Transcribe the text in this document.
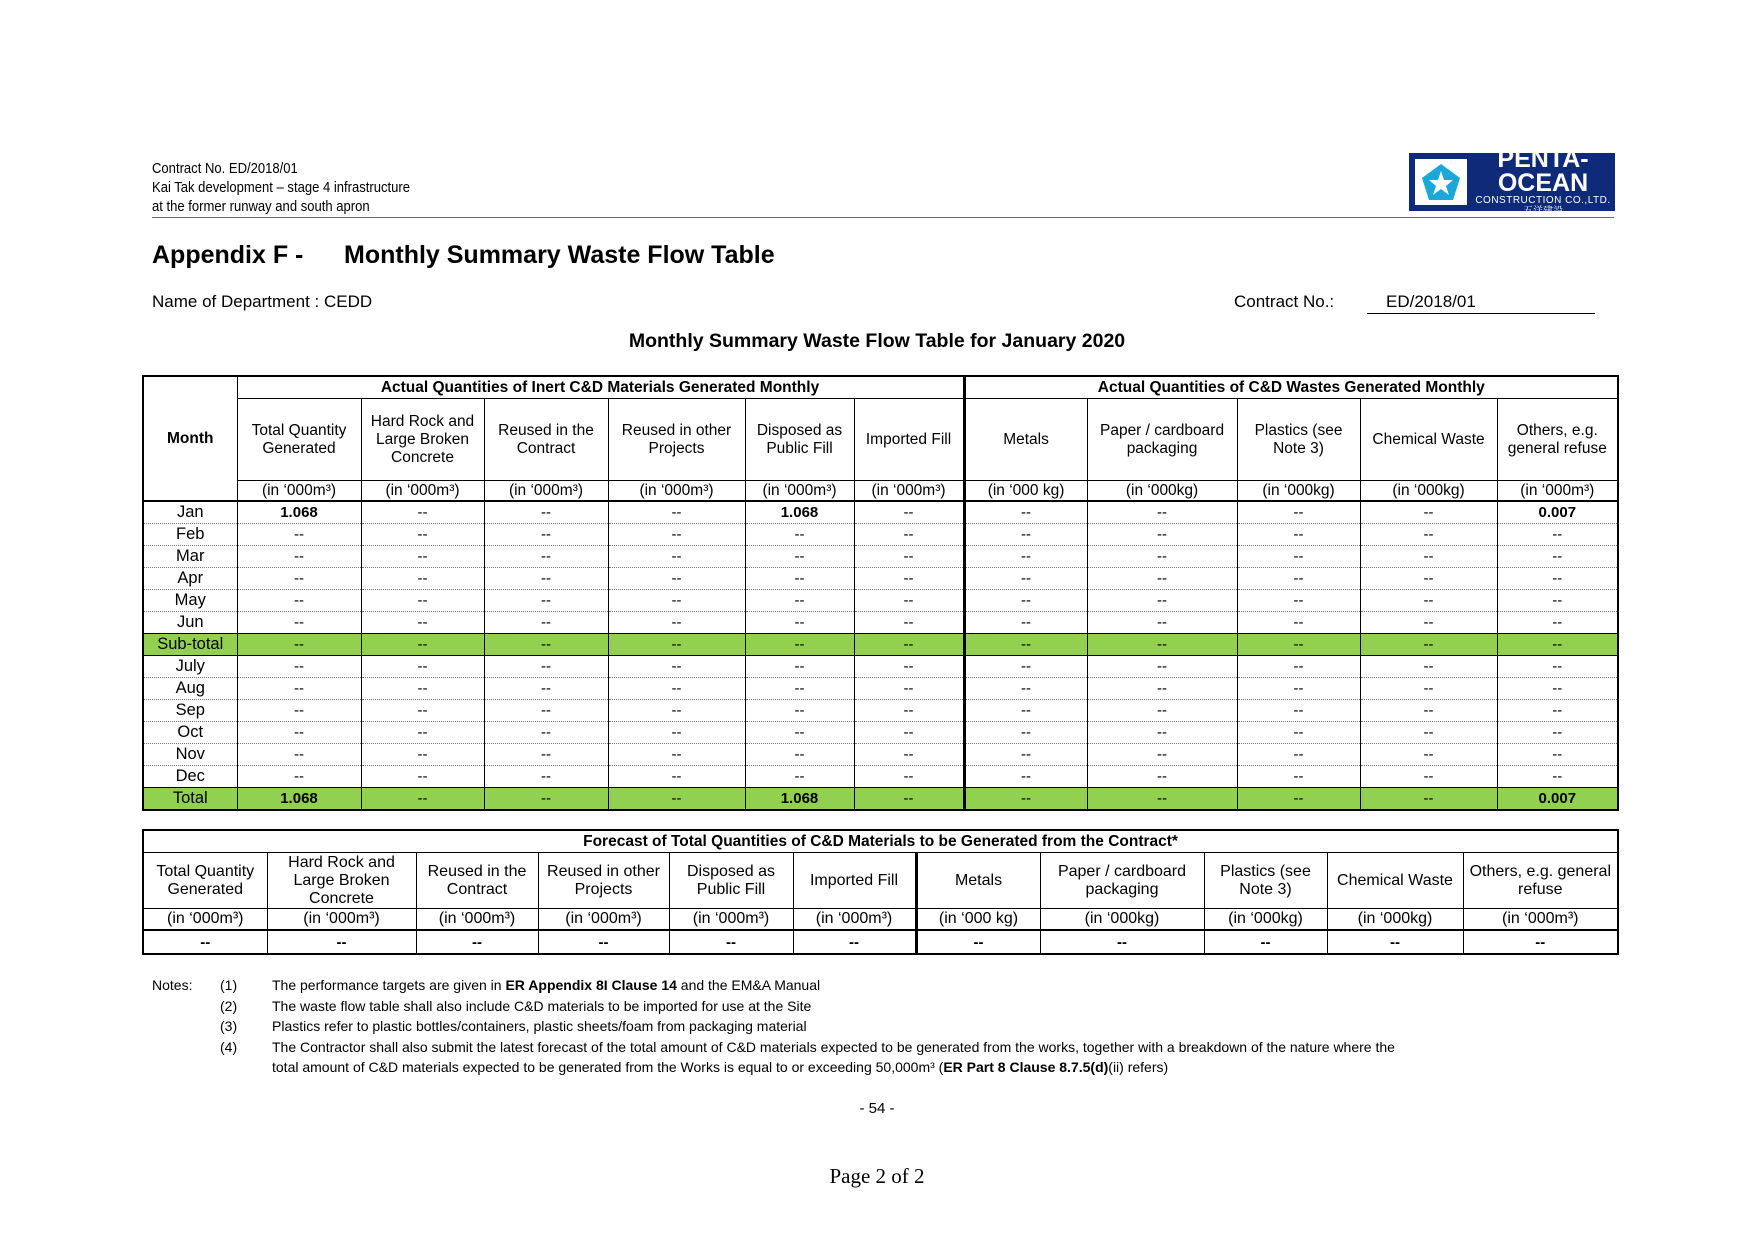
Contract No. ED/2018/01
Kai Tak development – stage 4 infrastructure
at the former runway and south apron
PENTA-OCEAN
CONSTRUCTION CO.,LTD.
五洋建設
Appendix F - Monthly Summary Waste Flow Table
Name of Department : CEDD	Contract No.:	ED/2018/01
Monthly Summary Waste Flow Table for January 2020
Month	Actual Quantities of Inert C&D Materials Generated Monthly						Actual Quantities of C&D Wastes Generated Monthly				
	Total Quantity Generated	Hard Rock and Large Broken Concrete	Reused in the Contract	Reused in other Projects	Disposed as Public Fill	Imported Fill	Metals	Paper / cardboard packaging	Plastics (see Note 3)	Chemical Waste	Others, e.g. general refuse
	(in ‘000m³)	(in ‘000m³)	(in ‘000m³)	(in ‘000m³)	(in ‘000m³)	(in ‘000m³)	(in ‘000 kg)	(in ‘000kg)	(in ‘000kg)	(in ‘000kg)	(in ‘000m³)
Jan	1.068	--	--	--	1.068	--	--	--	--	--	0.007
Feb	--	--	--	--	--	--	--	--	--	--	--
Mar	--	--	--	--	--	--	--	--	--	--	--
Apr	--	--	--	--	--	--	--	--	--	--	--
May	--	--	--	--	--	--	--	--	--	--	--
Jun	--	--	--	--	--	--	--	--	--	--	--
Sub-total	--	--	--	--	--	--	--	--	--	--	--
July	--	--	--	--	--	--	--	--	--	--	--
Aug	--	--	--	--	--	--	--	--	--	--	--
Sep	--	--	--	--	--	--	--	--	--	--	--
Oct	--	--	--	--	--	--	--	--	--	--	--
Nov	--	--	--	--	--	--	--	--	--	--	--
Dec	--	--	--	--	--	--	--	--	--	--	--
Total	1.068	--	--	--	1.068	--	--	--	--	--	0.007
Forecast of Total Quantities of C&D Materials to be Generated from the Contract*										
Total Quantity Generated	Hard Rock and Large Broken Concrete	Reused in the Contract	Reused in other Projects	Disposed as Public Fill	Imported Fill	Metals	Paper / cardboard packaging	Plastics (see Note 3)	Chemical Waste	Others, e.g. general refuse
(in ‘000m³)	(in ‘000m³)	(in ‘000m³)	(in ‘000m³)	(in ‘000m³)	(in ‘000m³)	(in ‘000 kg)	(in ‘000kg)	(in ‘000kg)	(in ‘000kg)	(in ‘000m³)
--	--	--	--	--	--	--	--	--	--	--
Notes: (1) The performance targets are given in ER Appendix 8I Clause 14 and the EM&A Manual
(2) The waste flow table shall also include C&D materials to be imported for use at the Site
(3) Plastics refer to plastic bottles/containers, plastic sheets/foam from packaging material
(4) The Contractor shall also submit the latest forecast of the total amount of C&D materials expected to be generated from the works, together with a breakdown of the nature where the
total amount of C&D materials expected to be generated from the Works is equal to or exceeding 50,000m³ (ER Part 8 Clause 8.7.5(d)(ii) refers)
- 54 -
Page 2 of 2
